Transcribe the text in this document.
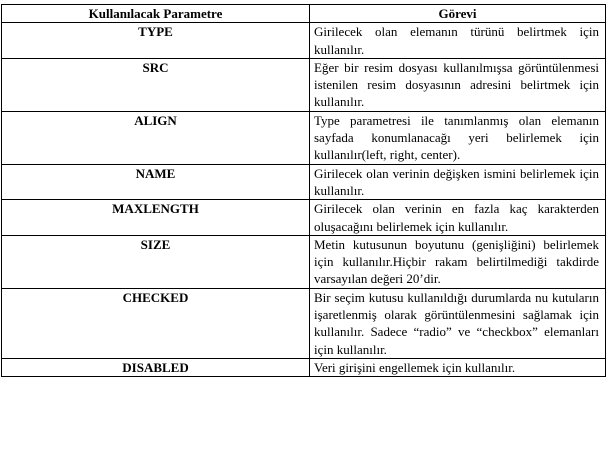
Kullanılacak Parametre	Görevi
TYPE	Girilecek olan elemanın türünü belirtmek için kullanılır.
SRC	Eğer bir resim dosyası kullanılmışsa görüntülenmesi istenilen resim dosyasının adresini belirtmek için kullanılır.
ALIGN	Type parametresi ile tanımlanmış olan elemanın sayfada konumlanacağı yeri belirlemek için kullanılır(left, right, center).
NAME	Girilecek olan verinin değişken ismini belirlemek için kullanılır.
MAXLENGTH	Girilecek olan verinin en fazla kaç karakterden oluşacağını belirlemek için kullanılır.
SIZE	Metin kutusunun boyutunu (genişliğini) belirlemek için kullanılır.Hiçbir rakam belirtilmediği takdirde varsayılan değeri 20’dir.
CHECKED	Bir seçim kutusu kullanıldığı durumlarda nu kutuların işaretlenmiş olarak görüntülenmesini sağlamak için kullanılır. Sadece “radio” ve “checkbox” elemanları için kullanılır.
DISABLED	Veri girişini engellemek için kullanılır.
